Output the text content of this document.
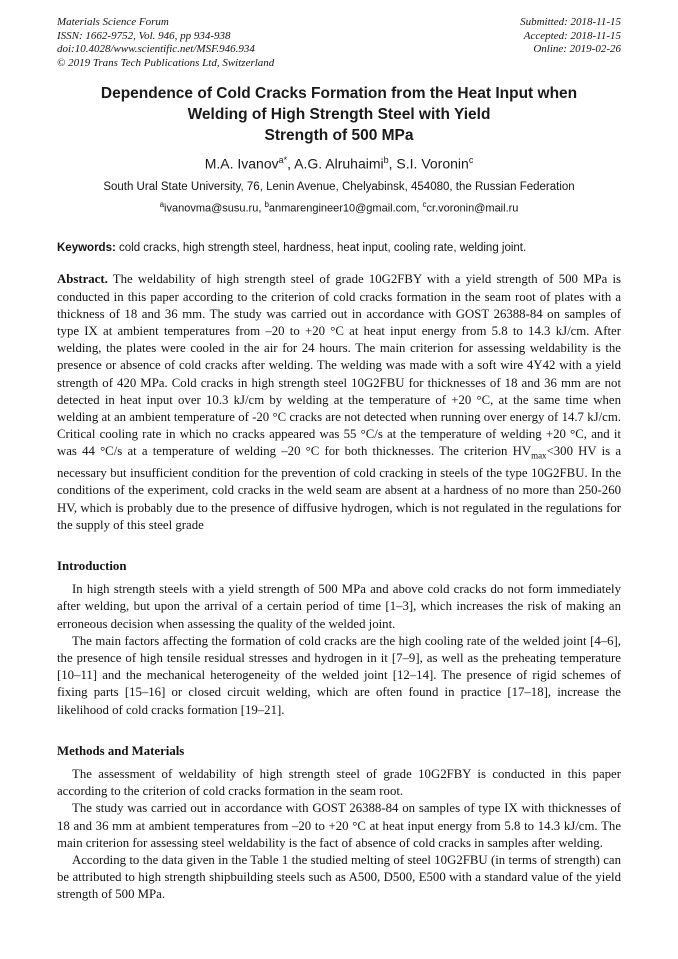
Materials Science Forum
ISSN: 1662-9752, Vol. 946, pp 934-938
doi:10.4028/www.scientific.net/MSF.946.934
© 2019 Trans Tech Publications Ltd, Switzerland
Submitted: 2018-11-15
Accepted: 2018-11-15
Online: 2019-02-26
Dependence of Cold Cracks Formation from the Heat Input when
Welding of High Strength Steel with Yield
Strength of 500 MPa
M.A. Ivanov$^{a*}$, A.G. Alruhaimi$^b$, S.I. Voronin$^c$
South Ural State University, 76, Lenin Avenue, Chelyabinsk, 454080, the Russian Federation
$^a$ivanovma@susu.ru, $^b$anmarengineer10@gmail.com, $^c$cr.voronin@mail.ru
Keywords: cold cracks, high strength steel, hardness, heat input, cooling rate, welding joint.
Abstract. The weldability of high strength steel of grade 10G2FBY with a yield strength of 500 MPa is conducted in this paper according to the criterion of cold cracks formation in the seam root of plates with a thickness of 18 and 36 mm. The study was carried out in accordance with GOST 26388-84 on samples of type IX at ambient temperatures from –20 to +20 °C at heat input energy from 5.8 to 14.3 kJ/cm. After welding, the plates were cooled in the air for 24 hours. The main criterion for assessing weldability is the presence or absence of cold cracks after welding. The welding was made with a soft wire 4Y42 with a yield strength of 420 MPa. Cold cracks in high strength steel 10G2FBU for thicknesses of 18 and 36 mm are not detected in heat input over 10.3 kJ/cm by welding at the temperature of +20 °C, at the same time when welding at an ambient temperature of -20 °C cracks are not detected when running over energy of 14.7 kJ/cm. Critical cooling rate in which no cracks appeared was 55 °C/s at the temperature of welding +20 °C, and it was 44 °C/s at a temperature of welding –20 °C for both thicknesses. The criterion $HV_{max}<300$ HV is a necessary but insufficient condition for the prevention of cold cracking in steels of the type 10G2FBU. In the conditions of the experiment, cold cracks in the weld seam are absent at a hardness of no more than 250-260 HV, which is probably due to the presence of diffusive hydrogen, which is not regulated in the regulations for the supply of this steel grade
Introduction

In high strength steels with a yield strength of 500 MPa and above cold cracks do not form immediately after welding, but upon the arrival of a certain period of time [1–3], which increases the risk of making an erroneous decision when assessing the quality of the welded joint.

The main factors affecting the formation of cold cracks are the high cooling rate of the welded joint [4–6], the presence of high tensile residual stresses and hydrogen in it [7–9], as well as the preheating temperature [10–11] and the mechanical heterogeneity of the welded joint [12–14]. The presence of rigid schemes of fixing parts [15–16] or closed circuit welding, which are often found in practice [17–18], increase the likelihood of cold cracks formation [19–21].

Methods and Materials

The assessment of weldability of high strength steel of grade 10G2FBY is conducted in this paper according to the criterion of cold cracks formation in the seam root.

The study was carried out in accordance with GOST 26388-84 on samples of type IX with thicknesses of 18 and 36 mm at ambient temperatures from –20 to +20 °C at heat input energy from 5.8 to 14.3 kJ/cm. The main criterion for assessing steel weldability is the fact of absence of cold cracks in samples after welding.

According to the data given in the Table 1 the studied melting of steel 10G2FBU (in terms of strength) can be attributed to high strength shipbuilding steels such as A500, D500, E500 with a standard value of the yield strength of 500 MPa.
